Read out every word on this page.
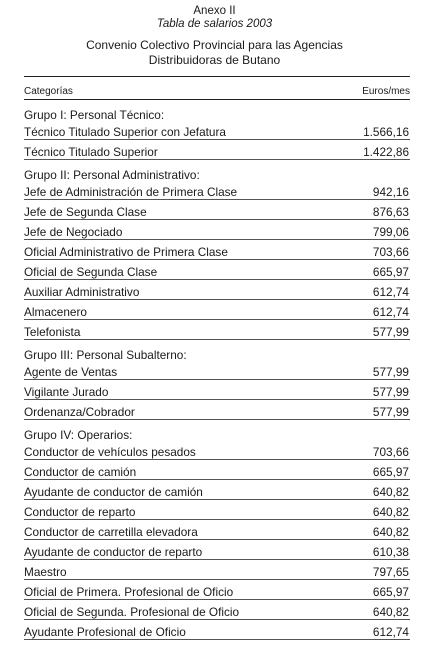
Anexo II
Tabla de salarios 2003
Convenio Colectivo Provincial para las Agencias
Distribuidoras de Butano
Categorías	Euros/mes
Grupo I: Personal Técnico:
Técnico Titulado Superior con Jefatura	1.566,16
Técnico Titulado Superior	1.422,86
Grupo II: Personal Administrativo:
Jefe de Administración de Primera Clase	942,16
Jefe de Segunda Clase	876,63
Jefe de Negociado	799,06
Oficial Administrativo de Primera Clase	703,66
Oficial de Segunda Clase	665,97
Auxiliar Administrativo	612,74
Almacenero	612,74
Telefonista	577,99
Grupo III: Personal Subalterno:
Agente de Ventas	577,99
Vigilante Jurado	577,99
Ordenanza/Cobrador	577,99
Grupo IV: Operarios:
Conductor de vehículos pesados	703,66
Conductor de camión	665,97
Ayudante de conductor de camión	640,82
Conductor de reparto	640,82
Conductor de carretilla elevadora	640,82
Ayudante de conductor de reparto	610,38
Maestro	797,65
Oficial de Primera. Profesional de Oficio	665,97
Oficial de Segunda. Profesional de Oficio	640,82
Ayudante Profesional de Oficio	612,74
